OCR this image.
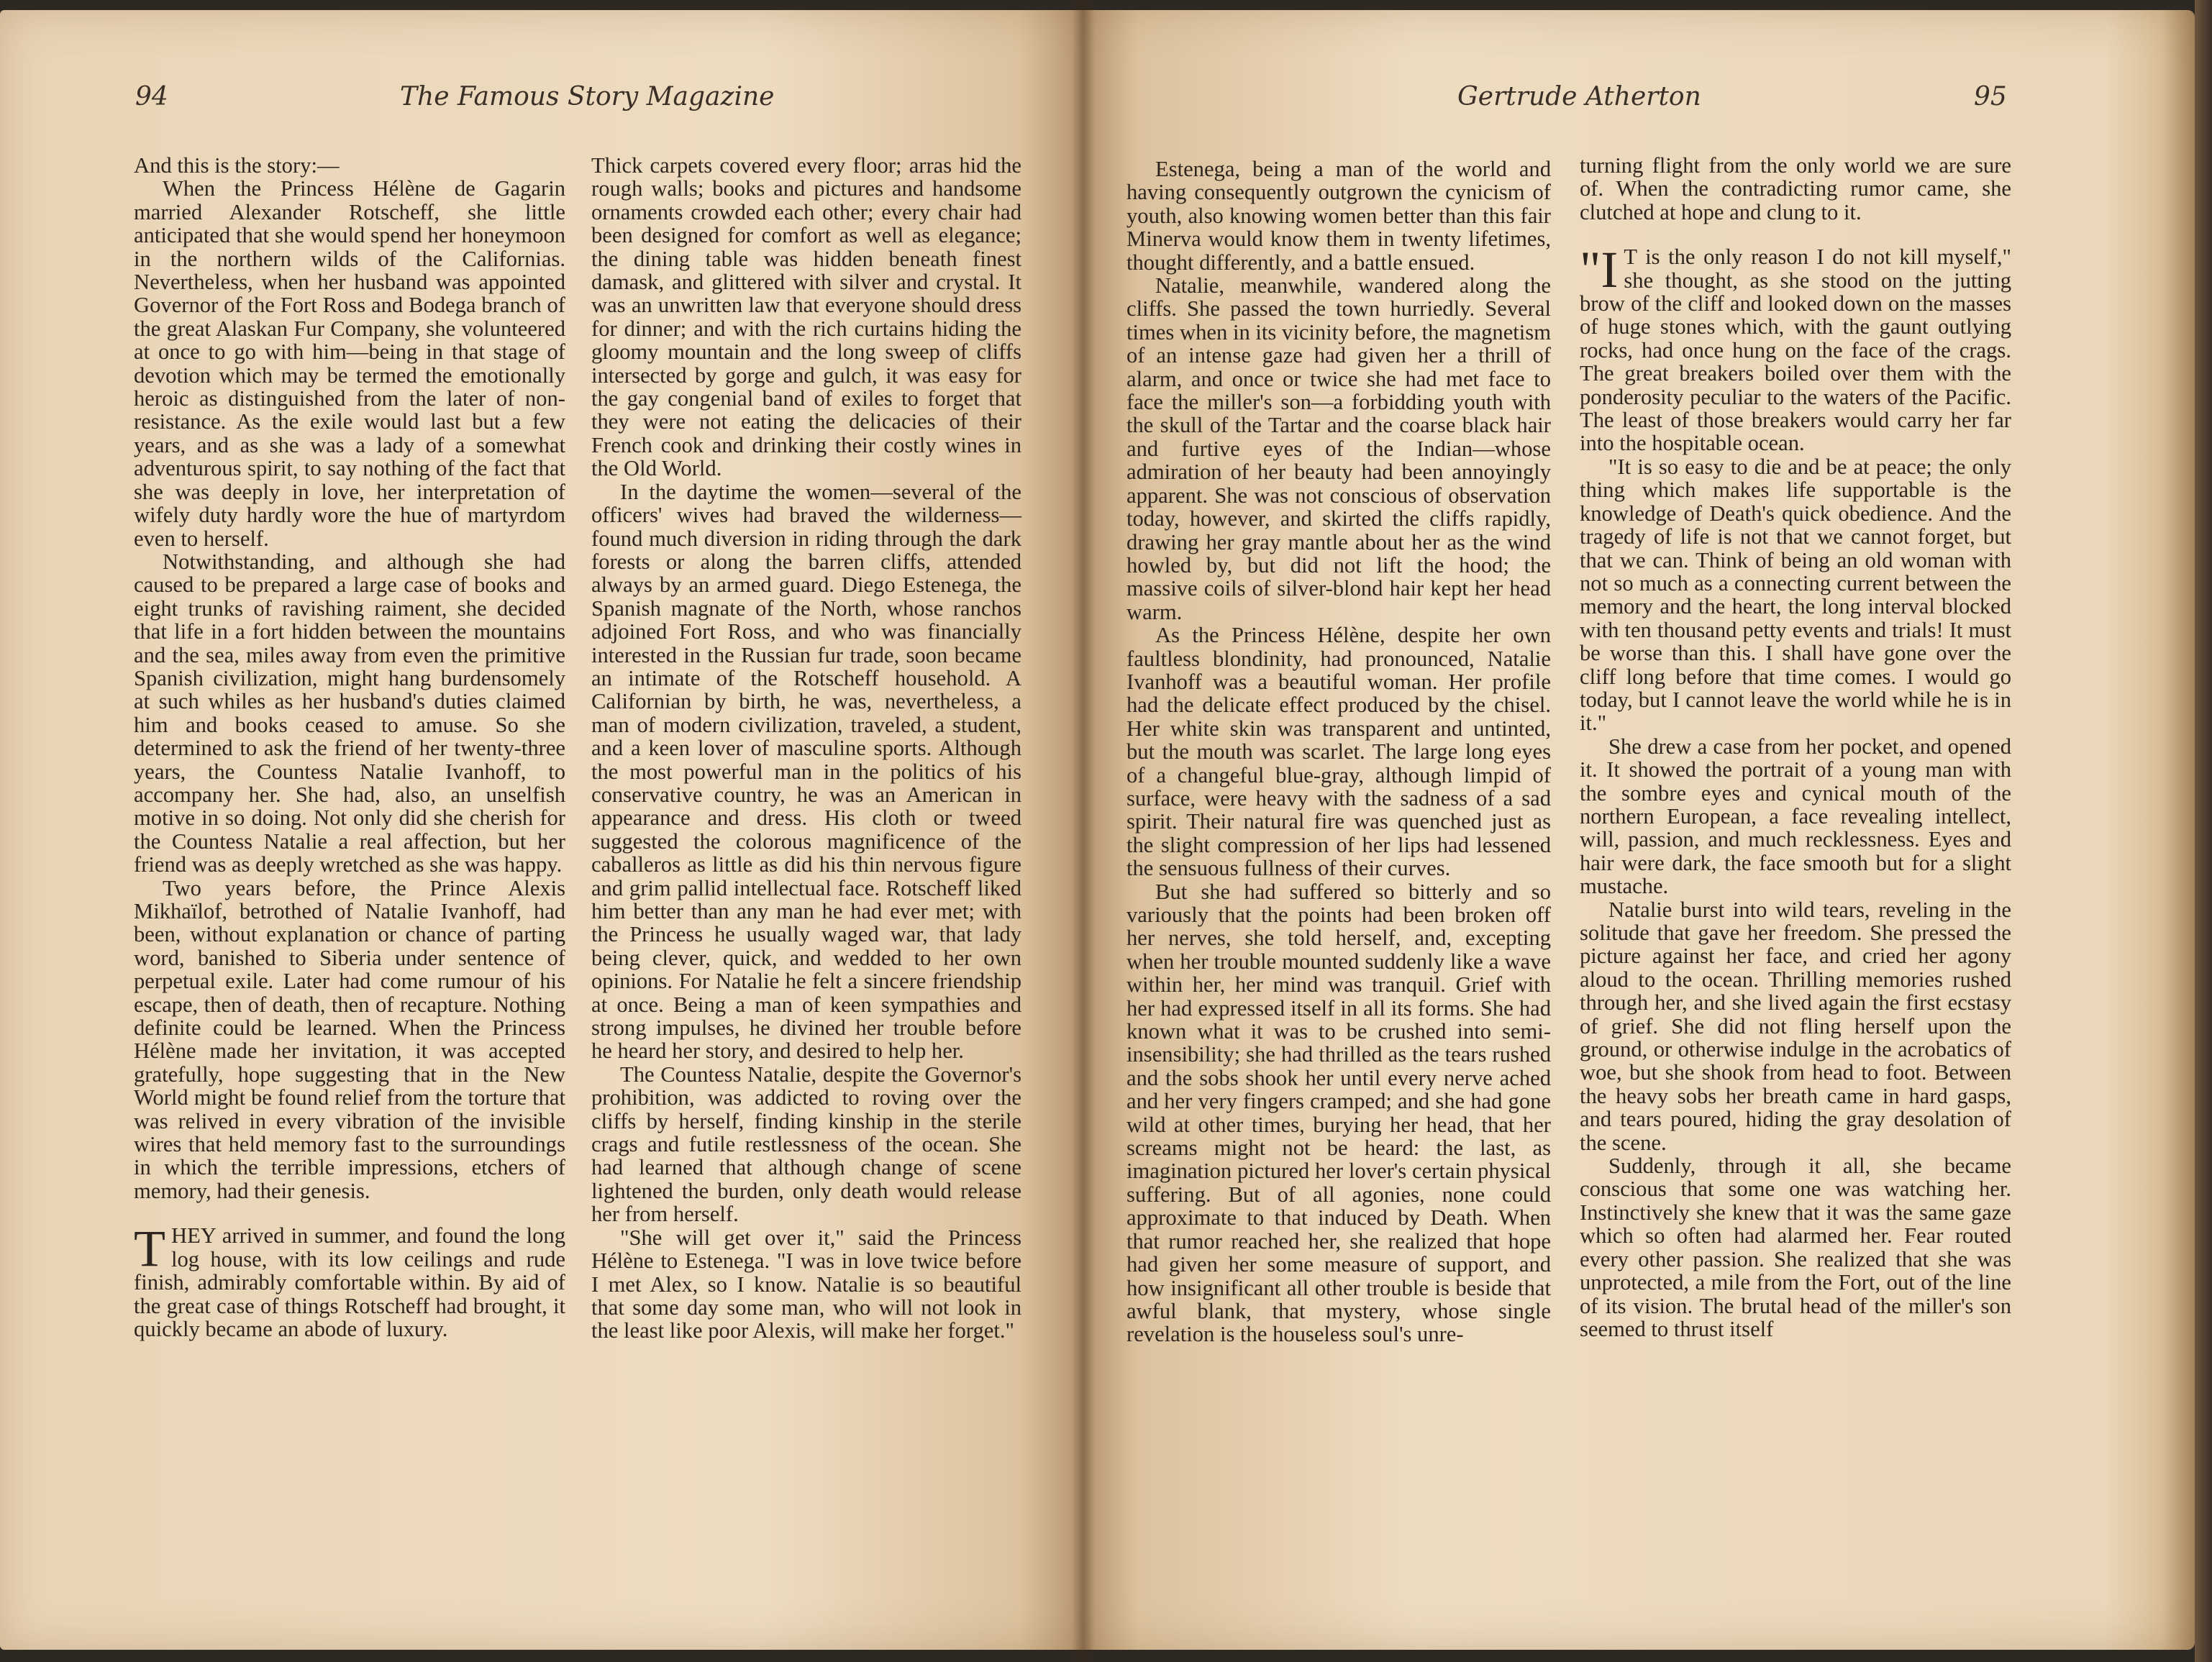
94	The Famous Story Magazine

And this is the story:—

When the Princess Hélène de Gagarin married Alexander Rotscheff, she little anticipated that she would spend her honeymoon in the northern wilds of the Californias. Nevertheless, when her husband was appointed Governor of the Fort Ross and Bodega branch of the great Alaskan Fur Company, she volunteered at once to go with him—being in that stage of devotion which may be termed the emotionally heroic as distinguished from the later of non-resistance. As the exile would last but a few years, and as she was a lady of a somewhat adventurous spirit, to say nothing of the fact that she was deeply in love, her interpretation of wifely duty hardly wore the hue of martyrdom even to herself.

Notwithstanding, and although she had caused to be prepared a large case of books and eight trunks of ravishing raiment, she decided that life in a fort hidden between the mountains and the sea, miles away from even the primitive Spanish civilization, might hang burdensomely at such whiles as her husband's duties claimed him and books ceased to amuse. So she determined to ask the friend of her twenty-three years, the Countess Natalie Ivanhoff, to accompany her. She had, also, an unselfish motive in so doing. Not only did she cherish for the Countess Natalie a real affection, but her friend was as deeply wretched as she was happy.

Two years before, the Prince Alexis Mikhaïlof, betrothed of Natalie Ivanhoff, had been, without explanation or chance of parting word, banished to Siberia under sentence of perpetual exile. Later had come rumour of his escape, then of death, then of recapture. Nothing definite could be learned. When the Princess Hélène made her invitation, it was accepted gratefully, hope suggesting that in the New World might be found relief from the torture that was relived in every vibration of the invisible wires that held memory fast to the surroundings in which the terrible impressions, etchers of memory, had their genesis.

THEY arrived in summer, and found the long log house, with its low ceilings and rude finish, admirably comfortable within. By aid of the great case of things Rotscheff had brought, it quickly became an abode of luxury.

Thick carpets covered every floor; arras hid the rough walls; books and pictures and handsome ornaments crowded each other; every chair had been designed for comfort as well as elegance; the dining table was hidden beneath finest damask, and glittered with silver and crystal. It was an unwritten law that everyone should dress for dinner; and with the rich curtains hiding the gloomy mountain and the long sweep of cliffs intersected by gorge and gulch, it was easy for the gay congenial band of exiles to forget that they were not eating the delicacies of their French cook and drinking their costly wines in the Old World.

In the daytime the women—several of the officers' wives had braved the wilderness—found much diversion in riding through the dark forests or along the barren cliffs, attended always by an armed guard. Diego Estenega, the Spanish magnate of the North, whose ranchos adjoined Fort Ross, and who was financially interested in the Russian fur trade, soon became an intimate of the Rotscheff household. A Californian by birth, he was, nevertheless, a man of modern civilization, traveled, a student, and a keen lover of masculine sports. Although the most powerful man in the politics of his conservative country, he was an American in appearance and dress. His cloth or tweed suggested the colorous magnificence of the caballeros as little as did his thin nervous figure and grim pallid intellectual face. Rotscheff liked him better than any man he had ever met; with the Princess he usually waged war, that lady being clever, quick, and wedded to her own opinions. For Natalie he felt a sincere friendship at once. Being a man of keen sympathies and strong impulses, he divined her trouble before he heard her story, and desired to help her.

The Countess Natalie, despite the Governor's prohibition, was addicted to roving over the cliffs by herself, finding kinship in the sterile crags and futile restlessness of the ocean. She had learned that although change of scene lightened the burden, only death would release her from herself.

"She will get over it," said the Princess Hélène to Estenega. "I was in love twice before I met Alex, so I know. Natalie is so beautiful that some day some man, who will not look in the least like poor Alexis, will make her forget."

Gertrude Atherton	95

Estenega, being a man of the world and having consequently outgrown the cynicism of youth, also knowing women better than this fair Minerva would know them in twenty lifetimes, thought differently, and a battle ensued.

Natalie, meanwhile, wandered along the cliffs. She passed the town hurriedly. Several times when in its vicinity before, the magnetism of an intense gaze had given her a thrill of alarm, and once or twice she had met face to face the miller's son—a forbidding youth with the skull of the Tartar and the coarse black hair and furtive eyes of the Indian—whose admiration of her beauty had been annoyingly apparent. She was not conscious of observation today, however, and skirted the cliffs rapidly, drawing her gray mantle about her as the wind howled by, but did not lift the hood; the massive coils of silver-blond hair kept her head warm.

As the Princess Hélène, despite her own faultless blondinity, had pronounced, Natalie Ivanhoff was a beautiful woman. Her profile had the delicate effect produced by the chisel. Her white skin was transparent and untinted, but the mouth was scarlet. The large long eyes of a changeful blue-gray, although limpid of surface, were heavy with the sadness of a sad spirit. Their natural fire was quenched just as the slight compression of her lips had lessened the sensuous fullness of their curves.

But she had suffered so bitterly and so variously that the points had been broken off her nerves, she told herself, and, excepting when her trouble mounted suddenly like a wave within her, her mind was tranquil. Grief with her had expressed itself in all its forms. She had known what it was to be crushed into semi-insensibility; she had thrilled as the tears rushed and the sobs shook her until every nerve ached and her very fingers cramped; and she had gone wild at other times, burying her head, that her screams might not be heard: the last, as imagination pictured her lover's certain physical suffering. But of all agonies, none could approximate to that induced by Death. When that rumor reached her, she realized that hope had given her some measure of support, and how insignificant all other trouble is beside that awful blank, that mystery, whose single revelation is the houseless soul's unre-

turning flight from the only world we are sure of. When the contradicting rumor came, she clutched at hope and clung to it.

"I T is the only reason I do not kill myself," she thought, as she stood on the jutting brow of the cliff and looked down on the masses of huge stones which, with the gaunt outlying rocks, had once hung on the face of the crags. The great breakers boiled over them with the ponderosity peculiar to the waters of the Pacific. The least of those breakers would carry her far into the hospitable ocean.

"It is so easy to die and be at peace; the only thing which makes life supportable is the knowledge of Death's quick obedience. And the tragedy of life is not that we cannot forget, but that we can. Think of being an old woman with not so much as a connecting current between the memory and the heart, the long interval blocked with ten thousand petty events and trials! It must be worse than this. I shall have gone over the cliff long before that time comes. I would go today, but I cannot leave the world while he is in it."

She drew a case from her pocket, and opened it. It showed the portrait of a young man with the sombre eyes and cynical mouth of the northern European, a face revealing intellect, will, passion, and much recklessness. Eyes and hair were dark, the face smooth but for a slight mustache.

Natalie burst into wild tears, reveling in the solitude that gave her freedom. She pressed the picture against her face, and cried her agony aloud to the ocean. Thrilling memories rushed through her, and she lived again the first ecstasy of grief. She did not fling herself upon the ground, or otherwise indulge in the acrobatics of woe, but she shook from head to foot. Between the heavy sobs her breath came in hard gasps, and tears poured, hiding the gray desolation of the scene.

Suddenly, through it all, she became conscious that some one was watching her. Instinctively she knew that it was the same gaze which so often had alarmed her. Fear routed every other passion. She realized that she was unprotected, a mile from the Fort, out of the line of its vision. The brutal head of the miller's son seemed to thrust itself
